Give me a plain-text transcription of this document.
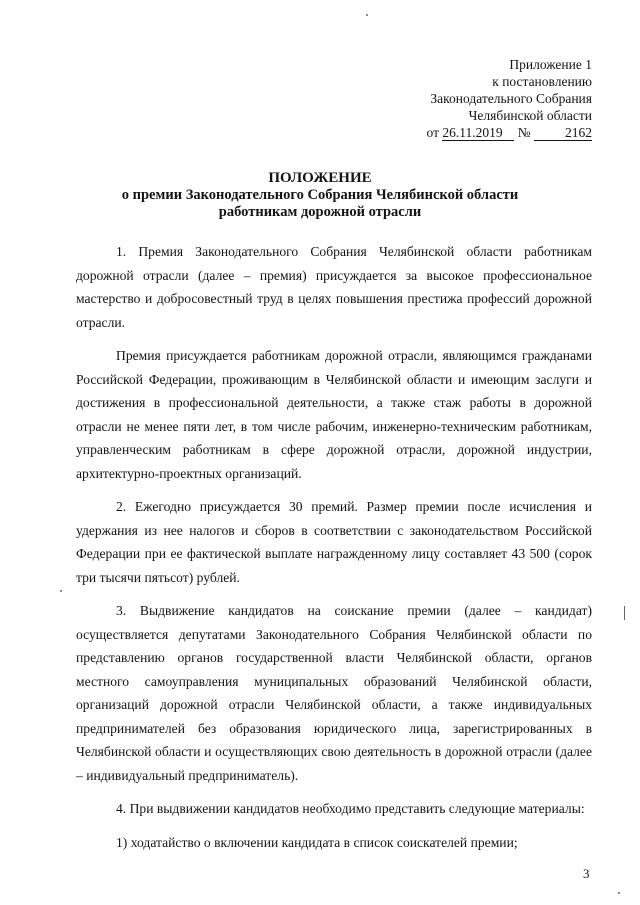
Приложение 1
к постановлению
Законодательного Собрания
Челябинской области
от 26.11.2019 №	2162
ПОЛОЖЕНИЕ
о премии Законодательного Собрания Челябинской области
работникам дорожной отрасли

1. Премия Законодательного Собрания Челябинской области работникам дорожной отрасли (далее – премия) присуждается за высокое профессиональное мастерство и добросовестный труд в целях повышения престижа профессий дорожной отрасли.

Премия присуждается работникам дорожной отрасли, являющимся гражданами Российской Федерации, проживающим в Челябинской области и имеющим заслуги и достижения в профессиональной деятельности, а также стаж работы в дорожной отрасли не менее пяти лет, в том числе рабочим, инженерно-техническим работникам, управленческим работникам в сфере дорожной отрасли, дорожной индустрии, архитектурно-проектных организаций.

2. Ежегодно присуждается 30 премий. Размер премии после исчисления и удержания из нее налогов и сборов в соответствии с законодательством Российской Федерации при ее фактической выплате награжденному лицу составляет 43 500 (сорок три тысячи пятьсот) рублей.

3. Выдвижение кандидатов на соискание премии (далее – кандидат) осуществляется депутатами Законодательного Собрания Челябинской области по представлению органов государственной власти Челябинской области, органов местного самоуправления муниципальных образований Челябинской области, организаций дорожной отрасли Челябинской области, а также индивидуальных предпринимателей без образования юридического лица, зарегистрированных в Челябинской области и осуществляющих свою деятельность в дорожной отрасли (далее – индивидуальный предприниматель).

4. При выдвижении кандидатов необходимо представить следующие материалы:

1) ходатайство о включении кандидата в список соискателей премии;

3
